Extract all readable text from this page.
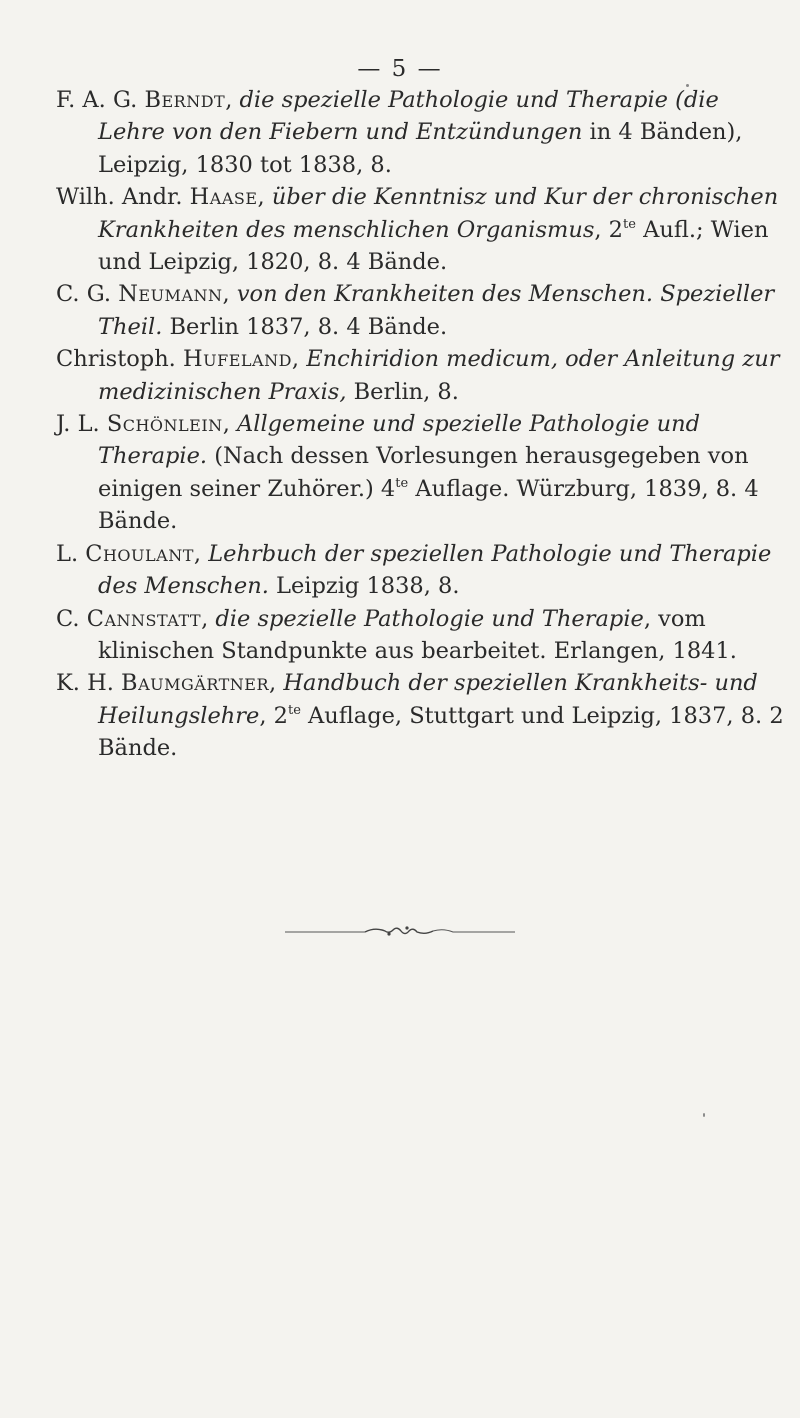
— 5 —
F. A. G. Berndt, die spezielle Pathologie und Therapie (die Lehre von den Fiebern und Entzündungen in 4 Bänden), Leipzig, 1830 tot 1838, 8.
Wilh. Andr. Haase, über die Kenntnisz und Kur der chronischen Krankheiten des menschlichen Organismus, $2^{te}$ Aufl.; Wien und Leipzig, 1820, 8. 4 Bände.
C. G. Neumann, von den Krankheiten des Menschen. Spezieller Theil. Berlin 1837, 8. 4 Bände.
Christoph. Hufeland, Enchiridion medicum, oder Anleitung zur medizinischen Praxis, Berlin, 8.
J. L. Schönlein, Allgemeine und spezielle Pathologie und Therapie. (Nach dessen Vorlesungen herausgegeben von einigen seiner Zuhörer.) $4^{te}$ Auflage. Würzburg, 1839, 8. 4 Bände.
L. Choulant, Lehrbuch der speziellen Pathologie und Therapie des Menschen. Leipzig 1838, 8.
C. Cannstatt, die spezielle Pathologie und Therapie, vom klinischen Standpunkte aus bearbeitet. Erlangen, 1841.
K. H. Baumgärtner, Handbuch der speziellen Krankheits- und Heilungslehre, $2^{te}$ Auflage, Stuttgart und Leipzig, 1837, 8. 2 Bände.
